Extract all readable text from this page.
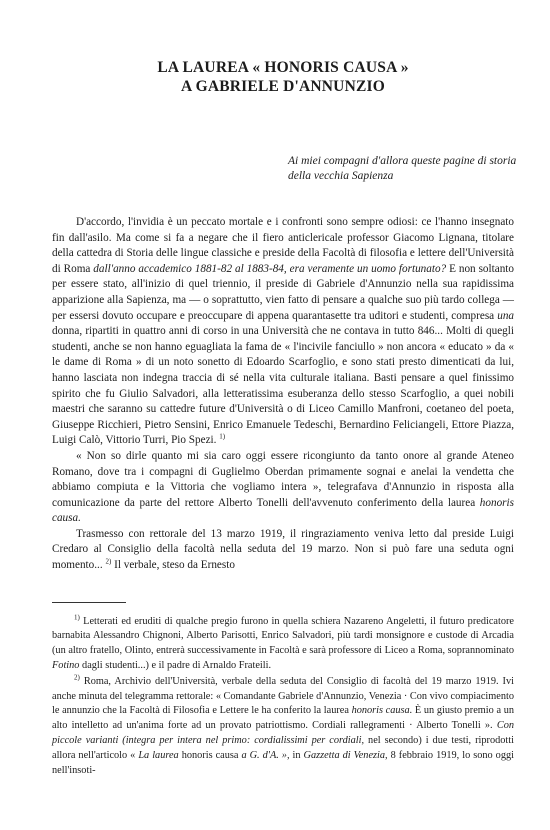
LA LAUREA « HONORIS CAUSA »
A GABRIELE D'ANNUNZIO
Ai miei compagni d'allora queste pagine di storia della vecchia Sapienza

D'accordo, l'invidia è un peccato mortale e i confronti sono sempre odiosi: ce l'hanno insegnato fin dall'asilo. Ma come si fa a negare che il fiero anticlericale professor Giacomo Lignana, titolare della cattedra di Storia delle lingue classiche e preside della Facoltà di filosofia e lettere dell'Università di Roma dall'anno accademico 1881-82 al 1883-84, era veramente un uomo fortunato? E non soltanto per essere stato, all'inizio di quel triennio, il preside di Gabriele d'Annunzio nella sua rapidissima apparizione alla Sapienza, ma — o soprattutto, vien fatto di pensare a qualche suo più tardo collega — per essersi dovuto occupare e preoccupare di appena quarantasette tra uditori e studenti, compresa una donna, ripartiti in quattro anni di corso in una Università che ne contava in tutto 846... Molti di quegli studenti, anche se non hanno eguagliata la fama de « l'incivile fanciullo » non ancora « educato » da « le dame di Roma » di un noto sonetto di Edoardo Scarfoglio, e sono stati presto dimenticati da lui, hanno lasciata non indegna traccia di sé nella vita culturale italiana. Basti pensare a quel finissimo spirito che fu Giulio Salvadori, alla letteratissima esuberanza dello stesso Scarfoglio, a quei nobili maestri che saranno su cattedre future d'Università o di Liceo Camillo Manfroni, coetaneo del poeta, Giuseppe Ricchieri, Pietro Sensini, Enrico Emanuele Tedeschi, Bernardino Feliciangeli, Ettore Piazza, Luigi Calò, Vittorio Turri, Pio Spezi. $^{1)}$

« Non so dirle quanto mi sia caro oggi essere ricongiunto da tanto onore al grande Ateneo Romano, dove tra i compagni di Guglielmo Oberdan primamente sognai e anelai la vendetta che abbiamo compiuta e la Vittoria che vogliamo intera », telegrafava d'Annunzio in risposta alla comunicazione da parte del rettore Alberto Tonelli dell'avvenuto conferimento della laurea honoris causa.

Trasmesso con rettorale del 13 marzo 1919, il ringraziamento veniva letto dal preside Luigi Credaro al Consiglio della facoltà nella seduta del 19 marzo. Non si può fare una seduta ogni momento... $^{2)}$ Il verbale, steso da Ernesto

$^{1)}$ Letterati ed eruditi di qualche pregio furono in quella schiera Nazareno Angeletti, il futuro predicatore barnabita Alessandro Chignoni, Alberto Parisotti, Enrico Salvadori, più tardi monsignore e custode di Arcadia (un altro fratello, Olinto, entrerà successivamente in Facoltà e sarà professore di Liceo a Roma, soprannominato Fotino dagli studenti...) e il padre di Arnaldo Frateili.

$^{2)}$ Roma, Archivio dell'Università, verbale della seduta del Consiglio di facoltà del 19 marzo 1919. Ivi anche minuta del telegramma rettorale: « Comandante Gabriele d'Annunzio, Venezia · Con vivo compiacimento le annunzio che la Facoltà di Filosofia e Lettere le ha conferito la laurea honoris causa. È un giusto premio a un alto intelletto ad un'anima forte ad un provato patriottismo. Cordiali rallegramenti · Alberto Tonelli ». Con piccole varianti (integra per intera nel primo: cordialissimi per cordiali, nel secondo) i due testi, riprodotti allora nell'articolo « La laurea honoris causa a G. d'A. », in Gazzetta di Venezia, 8 febbraio 1919, lo sono oggi nell'insoti-
